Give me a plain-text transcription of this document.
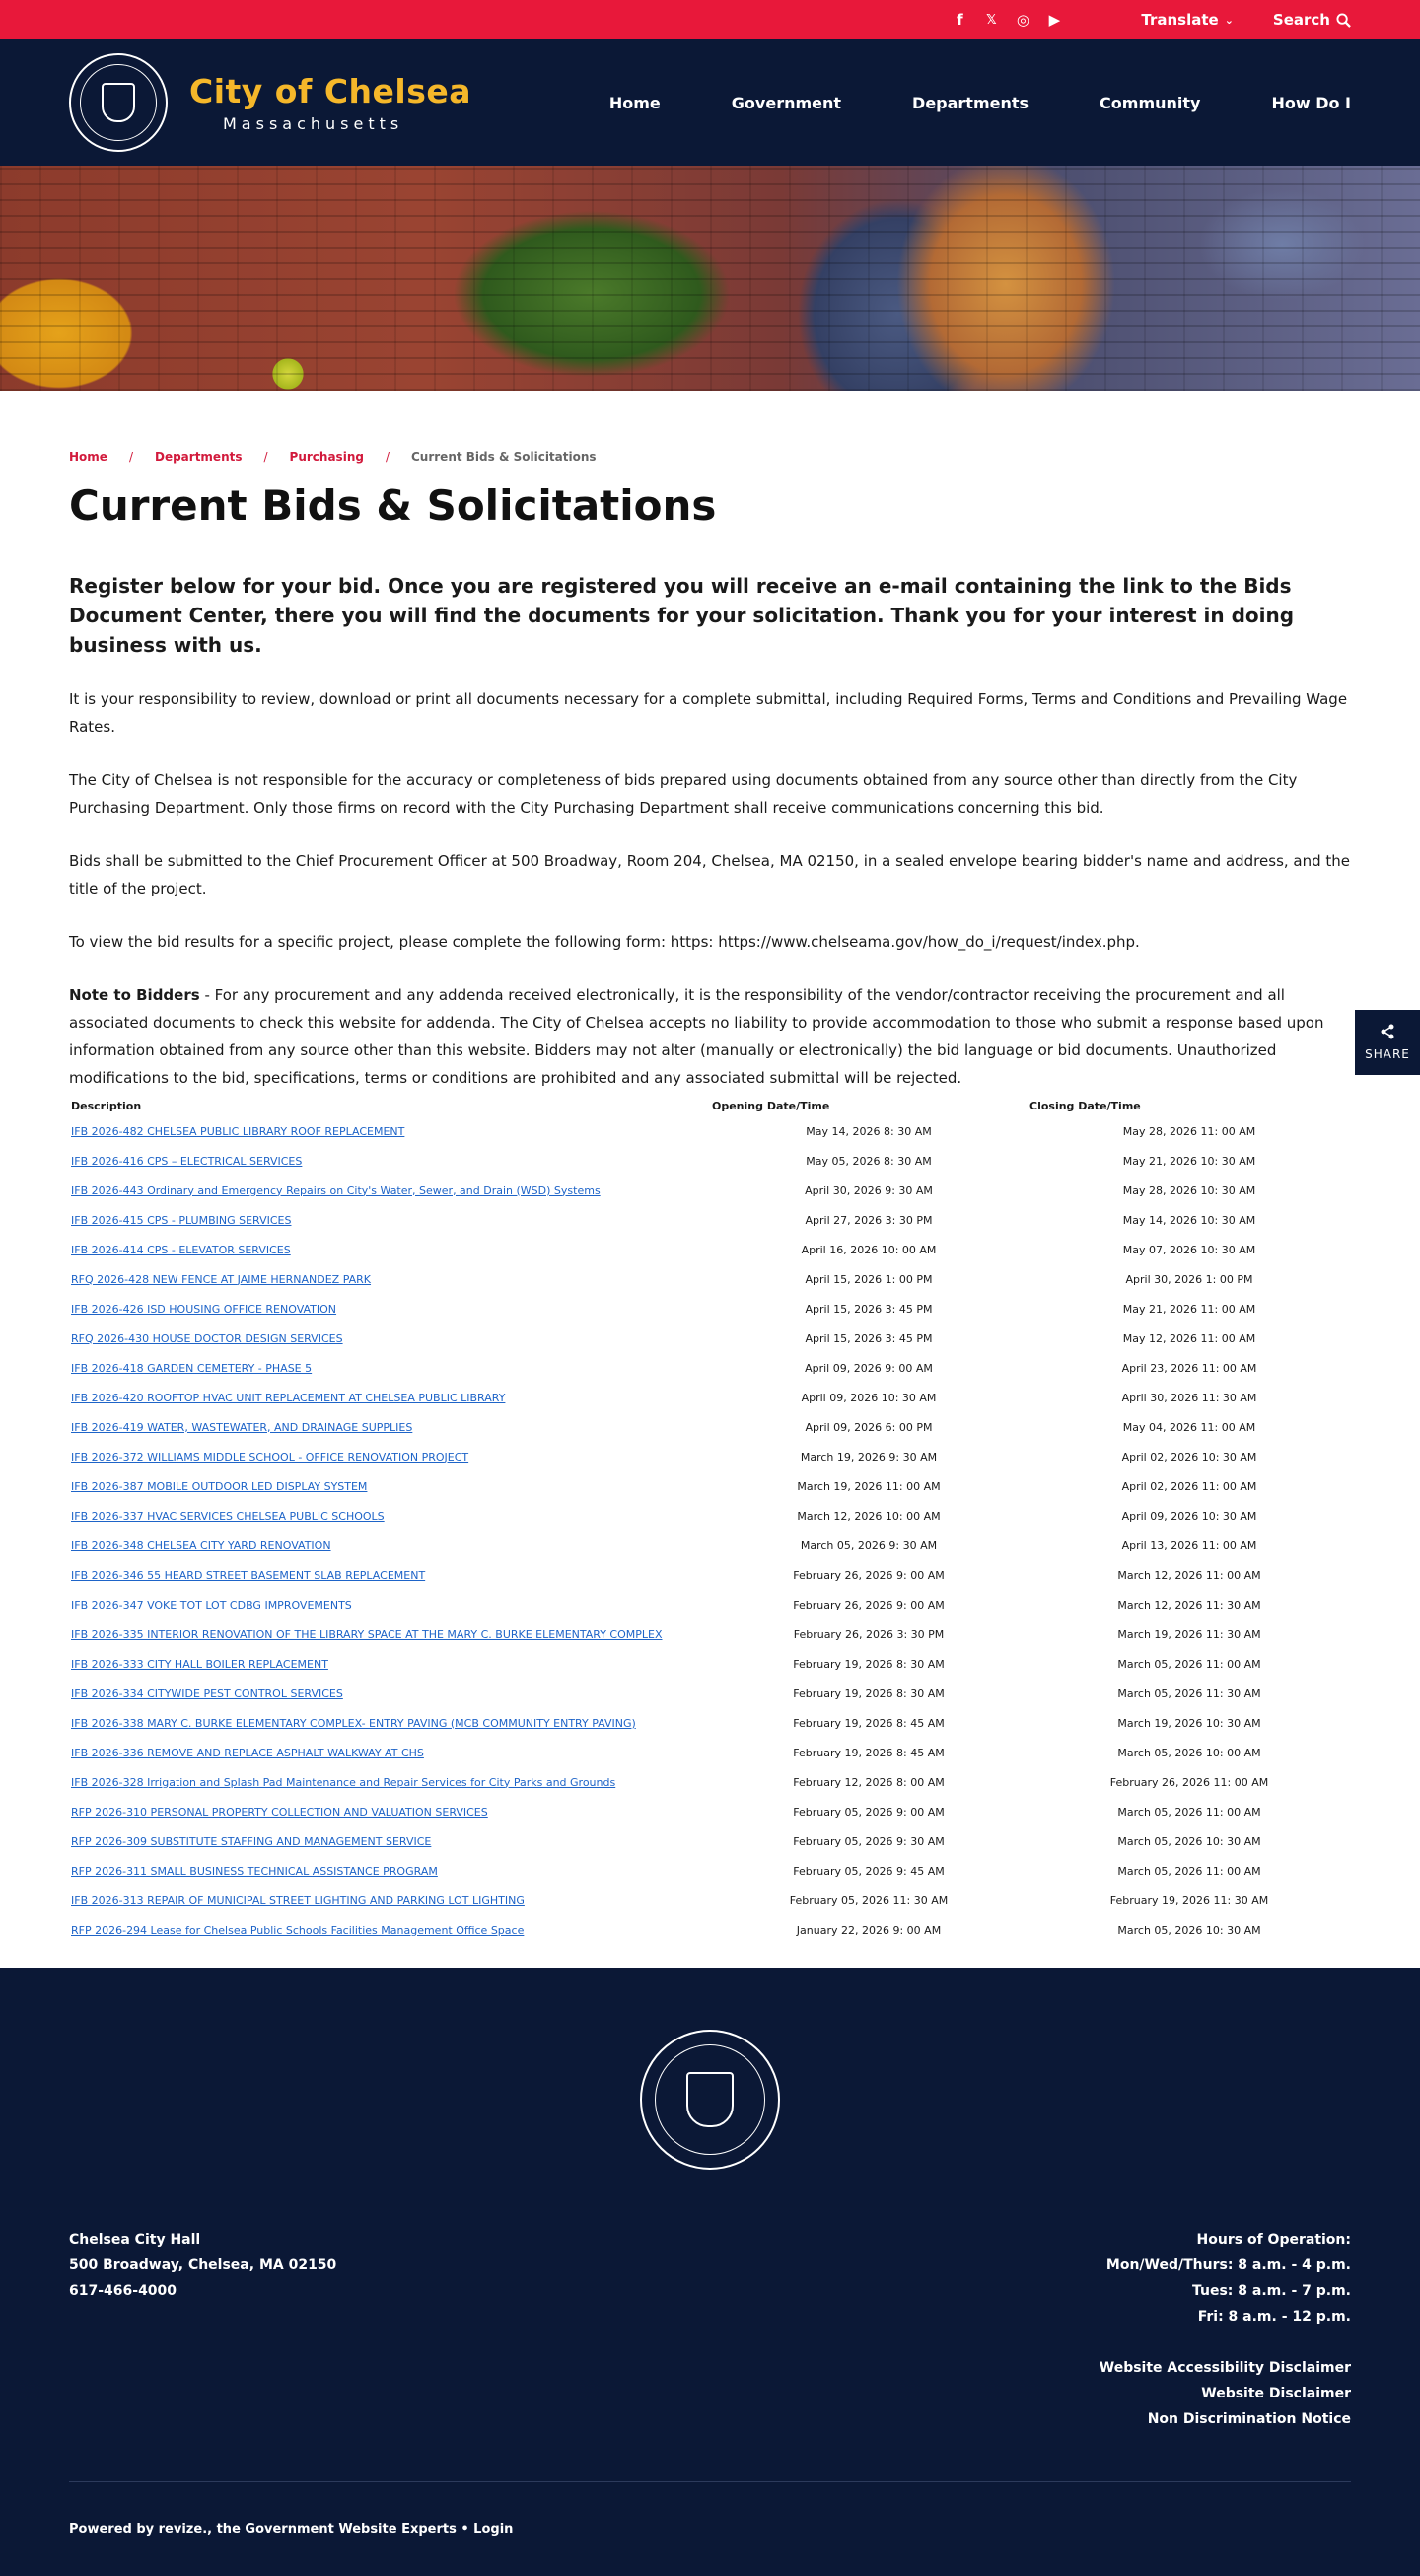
f	𝕏 ◎ ▶	Translate ⌄	Search
City of Chelsea
Massachusetts
Home	Government	Departments	Community	How Do I
Home / Departments / Purchasing / Current Bids & Solicitations
Current Bids & Solicitations

Register below for your bid. Once you are registered you will receive an e-mail containing the link to the Bids Document Center, there you will find the documents for your solicitation. Thank you for your interest in doing business with us.

It is your responsibility to review, download or print all documents necessary for a complete submittal, including Required Forms, Terms and Conditions and Prevailing Wage Rates.

The City of Chelsea is not responsible for the accuracy or completeness of bids prepared using documents obtained from any source other than directly from the City Purchasing Department. Only those firms on record with the City Purchasing Department shall receive communications concerning this bid.

Bids shall be submitted to the Chief Procurement Officer at 500 Broadway, Room 204, Chelsea, MA 02150, in a sealed envelope bearing bidder's name and address, and the title of the project.

To view the bid results for a specific project, please complete the following form: https: https://www.chelseama.gov/how_do_i/request/index.php.

Note to Bidders - For any procurement and any addenda received electronically, it is the responsibility of the vendor/contractor receiving the procurement and all associated documents to check this website for addenda. The City of Chelsea accepts no liability to provide accommodation to those who submit a response based upon information obtained from any source other than this website. Bidders may not alter (manually or electronically) the bid language or bid documents. Unauthorized modifications to the bid, specifications, terms or conditions are prohibited and any associated submittal will be rejected.

Description	Opening Date/Time	Closing Date/Time
IFB 2026-482 CHELSEA PUBLIC LIBRARY ROOF REPLACEMENT	May 14, 2026 8: 30 AM	May 28, 2026 11: 00 AM
IFB 2026-416 CPS – ELECTRICAL SERVICES	May 05, 2026 8: 30 AM	May 21, 2026 10: 30 AM
IFB 2026-443 Ordinary and Emergency Repairs on City's Water, Sewer, and Drain (WSD) Systems	April 30, 2026 9: 30 AM	May 28, 2026 10: 30 AM
IFB 2026-415 CPS - PLUMBING SERVICES	April 27, 2026 3: 30 PM	May 14, 2026 10: 30 AM
IFB 2026-414 CPS - ELEVATOR SERVICES	April 16, 2026 10: 00 AM	May 07, 2026 10: 30 AM
RFQ 2026-428 NEW FENCE AT JAIME HERNANDEZ PARK	April 15, 2026 1: 00 PM	April 30, 2026 1: 00 PM
IFB 2026-426 ISD HOUSING OFFICE RENOVATION	April 15, 2026 3: 45 PM	May 21, 2026 11: 00 AM
RFQ 2026-430 HOUSE DOCTOR DESIGN SERVICES	April 15, 2026 3: 45 PM	May 12, 2026 11: 00 AM
IFB 2026-418 GARDEN CEMETERY - PHASE 5	April 09, 2026 9: 00 AM	April 23, 2026 11: 00 AM
IFB 2026-420 ROOFTOP HVAC UNIT REPLACEMENT AT CHELSEA PUBLIC LIBRARY	April 09, 2026 10: 30 AM	April 30, 2026 11: 30 AM
IFB 2026-419 WATER, WASTEWATER, AND DRAINAGE SUPPLIES	April 09, 2026 6: 00 PM	May 04, 2026 11: 00 AM
IFB 2026-372 WILLIAMS MIDDLE SCHOOL - OFFICE RENOVATION PROJECT	March 19, 2026 9: 30 AM	April 02, 2026 10: 30 AM
IFB 2026-387 MOBILE OUTDOOR LED DISPLAY SYSTEM	March 19, 2026 11: 00 AM	April 02, 2026 11: 00 AM
IFB 2026-337 HVAC SERVICES CHELSEA PUBLIC SCHOOLS	March 12, 2026 10: 00 AM	April 09, 2026 10: 30 AM
IFB 2026-348 CHELSEA CITY YARD RENOVATION	March 05, 2026 9: 30 AM	April 13, 2026 11: 00 AM
IFB 2026-346 55 HEARD STREET BASEMENT SLAB REPLACEMENT	February 26, 2026 9: 00 AM	March 12, 2026 11: 00 AM
IFB 2026-347 VOKE TOT LOT CDBG IMPROVEMENTS	February 26, 2026 9: 00 AM	March 12, 2026 11: 30 AM
IFB 2026-335 INTERIOR RENOVATION OF THE LIBRARY SPACE AT THE MARY C. BURKE ELEMENTARY COMPLEX	February 26, 2026 3: 30 PM	March 19, 2026 11: 30 AM
IFB 2026-333 CITY HALL BOILER REPLACEMENT	February 19, 2026 8: 30 AM	March 05, 2026 11: 00 AM
IFB 2026-334 CITYWIDE PEST CONTROL SERVICES	February 19, 2026 8: 30 AM	March 05, 2026 11: 30 AM
IFB 2026-338 MARY C. BURKE ELEMENTARY COMPLEX- ENTRY PAVING (MCB COMMUNITY ENTRY PAVING)	February 19, 2026 8: 45 AM	March 19, 2026 10: 30 AM
IFB 2026-336 REMOVE AND REPLACE ASPHALT WALKWAY AT CHS	February 19, 2026 8: 45 AM	March 05, 2026 10: 00 AM
IFB 2026-328 Irrigation and Splash Pad Maintenance and Repair Services for City Parks and Grounds	February 12, 2026 8: 00 AM	February 26, 2026 11: 00 AM
RFP 2026-310 PERSONAL PROPERTY COLLECTION AND VALUATION SERVICES	February 05, 2026 9: 00 AM	March 05, 2026 11: 00 AM
RFP 2026-309 SUBSTITUTE STAFFING AND MANAGEMENT SERVICE	February 05, 2026 9: 30 AM	March 05, 2026 10: 30 AM
RFP 2026-311 SMALL BUSINESS TECHNICAL ASSISTANCE PROGRAM	February 05, 2026 9: 45 AM	March 05, 2026 11: 00 AM
IFB 2026-313 REPAIR OF MUNICIPAL STREET LIGHTING AND PARKING LOT LIGHTING	February 05, 2026 11: 30 AM	February 19, 2026 11: 30 AM
RFP 2026-294 Lease for Chelsea Public Schools Facilities Management Office Space	January 22, 2026 9: 00 AM	March 05, 2026 10: 30 AM
SHARE
Chelsea City Hall
500 Broadway, Chelsea, MA 02150
617-466-4000
Hours of Operation:
Mon/Wed/Thurs: 8 a.m. - 4 p.m.
Tues: 8 a.m. - 7 p.m.
Fri: 8 a.m. - 12 p.m.
Website Accessibility Disclaimer
Website Disclaimer
Non Discrimination Notice
Powered by revize., the Government Website Experts • Login
